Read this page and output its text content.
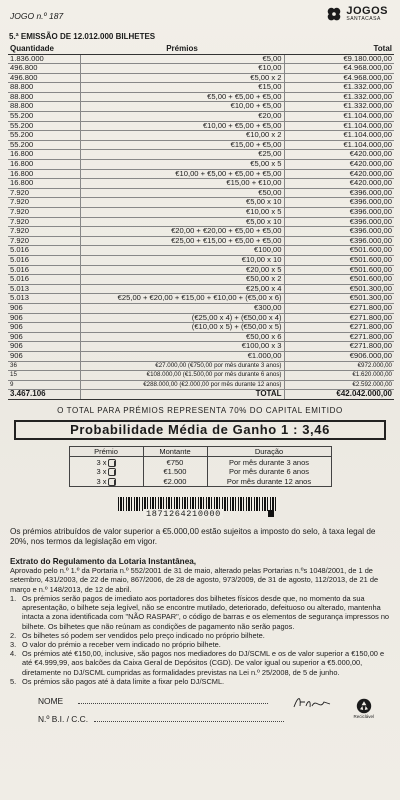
JOGO n.º 187	JOGOS
SANTACASA
5.ª EMISSÃO DE 12.012.000 BILHETES
Quantidade	Prémios	Total
1.836.000	€5,00	€9.180.000,00
496.800	€10,00	€4.968.000,00
496.800	€5,00 x 2	€4.968.000,00
88.800	€15,00	€1.332.000,00
88.800	€5,00 + €5,00 + €5,00	€1.332.000,00
88.800	€10,00 + €5,00	€1.332.000,00
55.200	€20,00	€1.104.000,00
55.200	€10,00 + €5,00 + €5,00	€1.104.000,00
55.200	€10,00 x 2	€1.104.000,00
55.200	€15,00 + €5,00	€1.104.000,00
16.800	€25,00	€420.000,00
16.800	€5,00 x 5	€420.000,00
16.800	€10,00 + €5,00 + €5,00 + €5,00	€420.000,00
16.800	€15,00 + €10,00	€420.000,00
7.920	€50,00	€396.000,00
7.920	€5,00 x 10	€396.000,00
7.920	€10,00 x 5	€396.000,00
7.920	€5,00 x 10	€396.000,00
7.920	€20,00 + €20,00 + €5,00 + €5,00	€396.000,00
7.920	€25,00 + €15,00 + €5,00 + €5,00	€396.000,00
5.016	€100,00	€501.600,00
5.016	€10,00 x 10	€501.600,00
5.016	€20,00 x 5	€501.600,00
5.016	€50,00 x 2	€501.600,00
5.013	€25,00 x 4	€501.300,00
5.013	€25,00 + €20,00 + €15,00 + €10,00 + (€5,00 x 6)	€501.300,00
906	€300,00	€271.800,00
906	(€25,00 x 4) + (€50,00 x 4)	€271.800,00
906	(€10,00 x 5) + (€50,00 x 5)	€271.800,00
906	€50,00 x 6	€271.800,00
906	€100,00 x 3	€271.800,00
906	€1.000,00	€906.000,00
36	€27.000,00 (€750,00 por mês durante 3 anos)	€972.000,00
15	€108.000,00 (€1.500,00 por mês durante 6 anos)	€1.620.000,00
9	€288.000,00 (€2.000,00 por mês durante 12 anos)	€2.592.000,00
3.467.106	TOTAL	€42.042.000,00
O TOTAL PARA PRÉMIOS REPRESENTA 70% DO CAPITAL EMITIDO
Probabilidade Média de Ganho 1 : 3,46
Prémio	Montante	Duração
3 x	€750	Por mês durante 3 anos
3 x	€1.500	Por mês durante 6 anos
3 x	€2.000	Por mês durante 12 anos
1871264210000
Os prémios atribuídos de valor superior a €5.000,00 estão sujeitos a imposto do selo, à taxa legal de 20%, nos termos da legislação em vigor.
Extrato do Regulamento da Lotaria Instantânea,
Aprovado pelo n.º 1.º da Portaria n.º 552/2001 de 31 de maio, alterado pelas Portarias n.ºs 1048/2001, de 1 de setembro, 431/2003, de 22 de maio, 867/2006, de 28 de agosto, 973/2009, de 31 de agosto, 112/2013, de 21 de março e n.º 148/2013, de 12 de abril.
1. Os prémios serão pagos de imediato aos portadores dos bilhetes físicos desde que, no momento da sua apresentação, o bilhete seja legível, não se encontre mutilado, deteriorado, defeituoso ou alterado, mantenha intacta a zona identificada com "NÃO RASPAR", o código de barras e os elementos de segurança impressos no bilhete. Os bilhetes que não reúnam as condições de pagamento não serão pagos.
2. Os bilhetes só podem ser vendidos pelo preço indicado no próprio bilhete.
3. O valor do prémio a receber vem indicado no próprio bilhete.
4. Os prémios até €150,00, inclusive, são pagos nos mediadores do DJ/SCML e os de valor superior a €150,00 e até €4.999,99, aos balcões da Caixa Geral de Depósitos (CGD). De valor igual ou superior a €5.000,00, diretamente no DJ/SCML cumpridas as formalidades previstas na Lei n.º 25/2008, de 5 de junho.
5. Os prémios são pagos até à data limite a fixar pelo DJ/SCML.
NOME
N.º B.I. / C.C.	Reciclável
